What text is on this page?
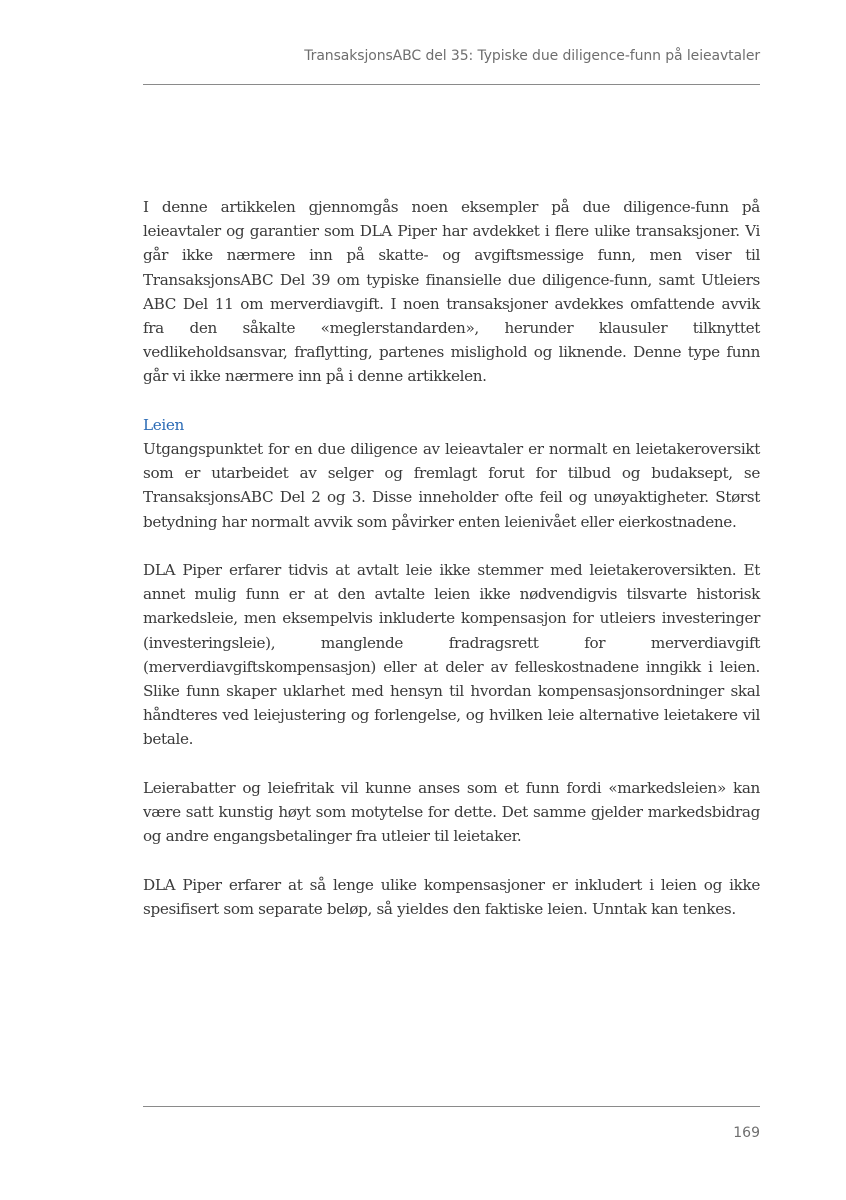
TransaksjonsABC del 35: Typiske due diligence-funn på leieavtaler

I denne artikkelen gjennomgås noen eksempler på due diligence-funn på leieavtaler og garantier som DLA Piper har avdekket i flere ulike transaksjoner. Vi går ikke nærmere inn på skatte- og avgiftsmessige funn, men viser til TransaksjonsABC Del 39 om typiske finansielle due diligence-funn, samt Utleiers ABC Del 11 om merverdiavgift. I noen transaksjoner avdekkes omfattende avvik fra den såkalte «meglerstandarden», herunder klausuler tilknyttet vedlikeholdsansvar, fraflytting, partenes mislighold og liknende. Denne type funn går vi ikke nærmere inn på i denne artikkelen.

Leien

Utgangspunktet for en due diligence av leieavtaler er normalt en leietakeroversikt som er utarbeidet av selger og fremlagt forut for tilbud og budaksept, se TransaksjonsABC Del 2 og 3. Disse inneholder ofte feil og unøyaktigheter. Størst betydning har normalt avvik som påvirker enten leienivået eller eierkostnadene.

DLA Piper erfarer tidvis at avtalt leie ikke stemmer med leietakeroversikten. Et annet mulig funn er at den avtalte leien ikke nødvendigvis tilsvarte historisk markedsleie, men eksempelvis inkluderte kompensasjon for utleiers investeringer (investeringsleie), manglende fradragsrett for merverdiavgift (merverdiavgiftskompensasjon) eller at deler av felleskostnadene inngikk i leien. Slike funn skaper uklarhet med hensyn til hvordan kompensasjonsordninger skal håndteres ved leiejustering og forlengelse, og hvilken leie alternative leietakere vil betale.

Leierabatter og leiefritak vil kunne anses som et funn fordi «markedsleien» kan være satt kunstig høyt som motytelse for dette. Det samme gjelder markedsbidrag og andre engangsbetalinger fra utleier til leietaker.

DLA Piper erfarer at så lenge ulike kompensasjoner er inkludert i leien og ikke spesifisert som separate beløp, så yieldes den faktiske leien. Unntak kan tenkes.

169
